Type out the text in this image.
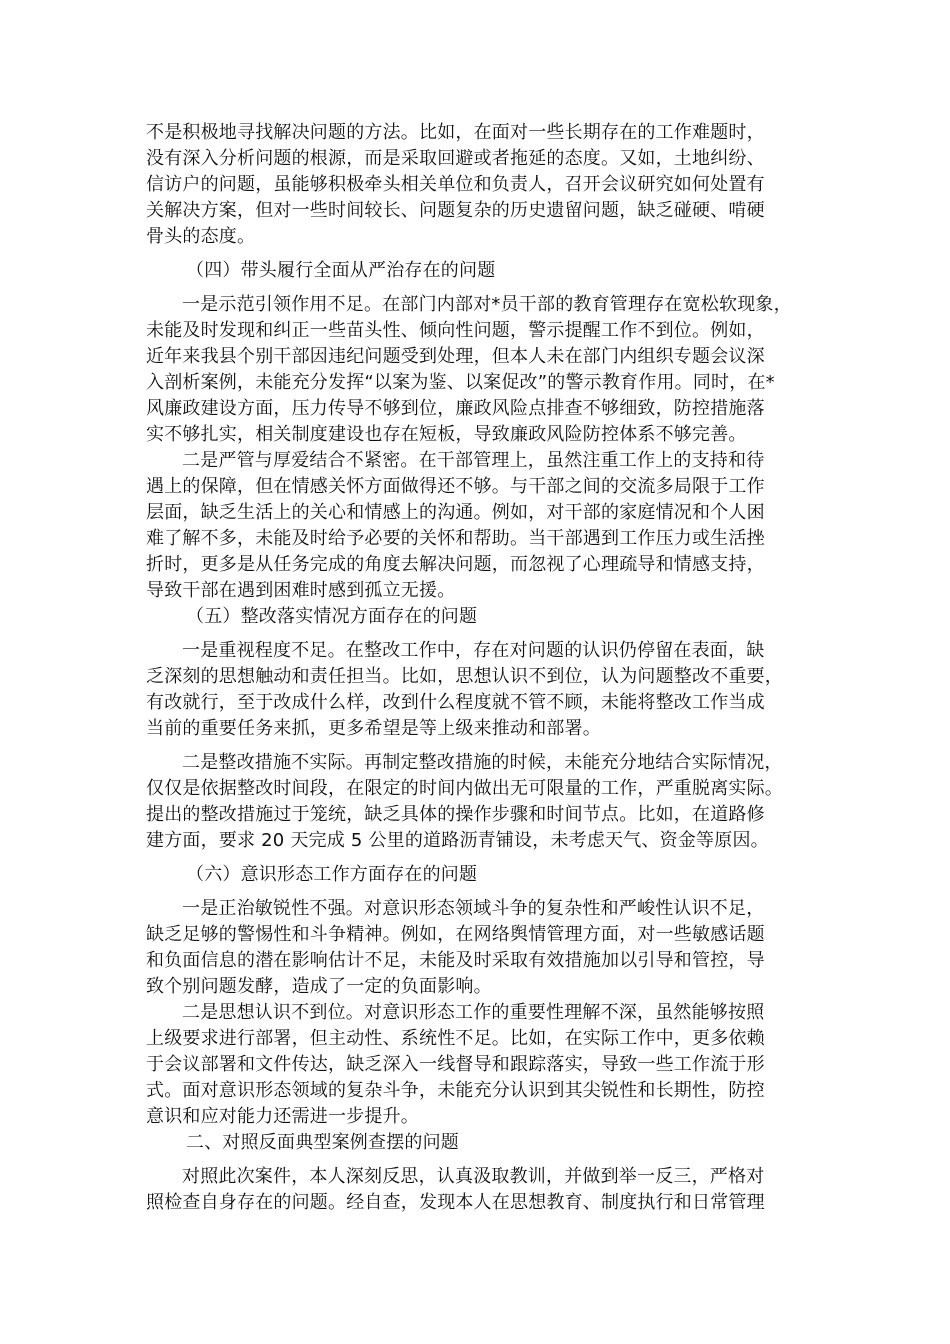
不是积极地寻找解决问题的方法。比如，在面对一些长期存在的工作难题时，
没有深入分析问题的根源，而是采取回避或者拖延的态度。又如，土地纠纷、
信访户的问题，虽能够积极牵头相关单位和负责人，召开会议研究如何处置有
关解决方案，但对一些时间较长、问题复杂的历史遗留问题，缺乏碰硬、啃硬
骨头的态度。
（四）带头履行全面从严治存在的问题
一是示范引领作用不足。在部门内部对*员干部的教育管理存在宽松软现象，
未能及时发现和纠正一些苗头性、倾向性问题，警示提醒工作不到位。例如，
近年来我县个别干部因违纪问题受到处理，但本人未在部门内组织专题会议深
入剖析案例，未能充分发挥“以案为鉴、以案促改”的警示教育作用。同时，在*
风廉政建设方面，压力传导不够到位，廉政风险点排查不够细致，防控措施落
实不够扎实，相关制度建设也存在短板，导致廉政风险防控体系不够完善。
二是严管与厚爱结合不紧密。在干部管理上，虽然注重工作上的支持和待
遇上的保障，但在情感关怀方面做得还不够。与干部之间的交流多局限于工作
层面，缺乏生活上的关心和情感上的沟通。例如，对干部的家庭情况和个人困
难了解不多，未能及时给予必要的关怀和帮助。当干部遇到工作压力或生活挫
折时，更多是从任务完成的角度去解决问题，而忽视了心理疏导和情感支持，
导致干部在遇到困难时感到孤立无援。
（五）整改落实情况方面存在的问题
一是重视程度不足。在整改工作中，存在对问题的认识仍停留在表面，缺
乏深刻的思想触动和责任担当。比如，思想认识不到位，认为问题整改不重要，
有改就行，至于改成什么样，改到什么程度就不管不顾，未能将整改工作当成
当前的重要任务来抓，更多希望是等上级来推动和部署。
二是整改措施不实际。再制定整改措施的时候，未能充分地结合实际情况，
仅仅是依据整改时间段，在限定的时间内做出无可限量的工作，严重脱离实际。
提出的整改措施过于笼统，缺乏具体的操作步骤和时间节点。比如，在道路修
建方面，要求 20 天完成 5 公里的道路沥青铺设，未考虑天气、资金等原因。
（六）意识形态工作方面存在的问题
一是正治敏锐性不强。对意识形态领域斗争的复杂性和严峻性认识不足，
缺乏足够的警惕性和斗争精神。例如，在网络舆情管理方面，对一些敏感话题
和负面信息的潜在影响估计不足，未能及时采取有效措施加以引导和管控，导
致个别问题发酵，造成了一定的负面影响。
二是思想认识不到位。对意识形态工作的重要性理解不深，虽然能够按照
上级要求进行部署，但主动性、系统性不足。比如，在实际工作中，更多依赖
于会议部署和文件传达，缺乏深入一线督导和跟踪落实，导致一些工作流于形
式。面对意识形态领域的复杂斗争，未能充分认识到其尖锐性和长期性，防控
意识和应对能力还需进一步提升。
二、对照反面典型案例查摆的问题
对照此次案件，本人深刻反思，认真汲取教训，并做到举一反三，严格对
照检查自身存在的问题。经自查，发现本人在思想教育、制度执行和日常管理
